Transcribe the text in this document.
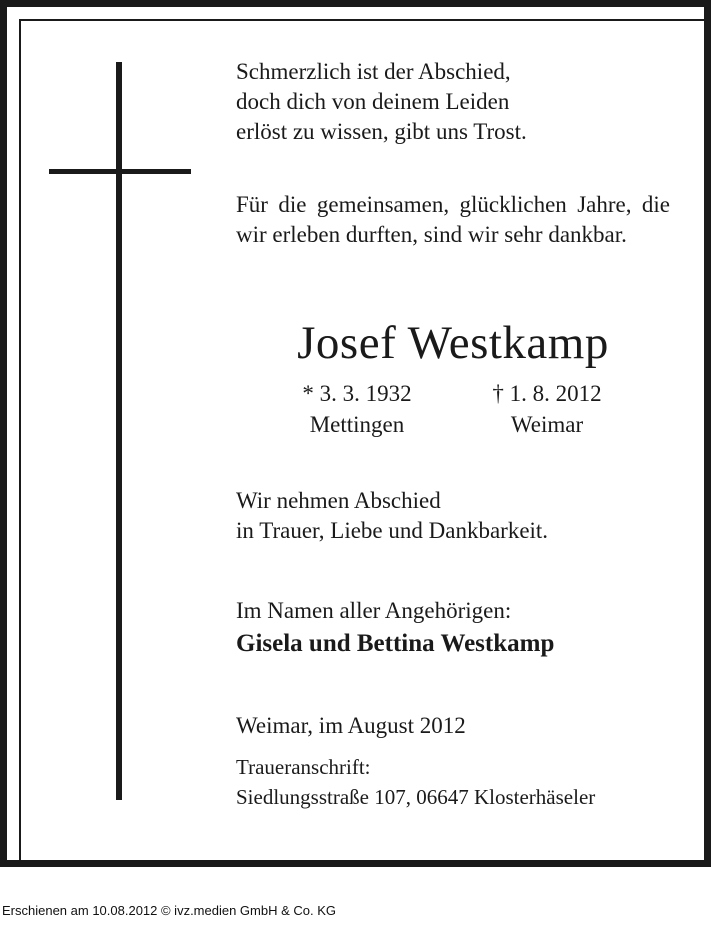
Schmerzlich ist der Abschied,
doch dich von deinem Leiden
erlöst zu wissen, gibt uns Trost.

Für die gemeinsamen, glücklichen Jahre, die wir erleben durften, sind wir sehr dankbar.

Josef Westkamp
* 3. 3. 1932
Mettingen
† 1. 8. 2012
Weimar
Wir nehmen Abschied
in Trauer, Liebe und Dankbarkeit.
Im Namen aller Angehörigen:
Gisela und Bettina Westkamp
Weimar, im August 2012
Traueranschrift:
Siedlungsstraße 107, 06647 Klosterhäseler
Erschienen am 10.08.2012 © ivz.medien GmbH & Co. KG
